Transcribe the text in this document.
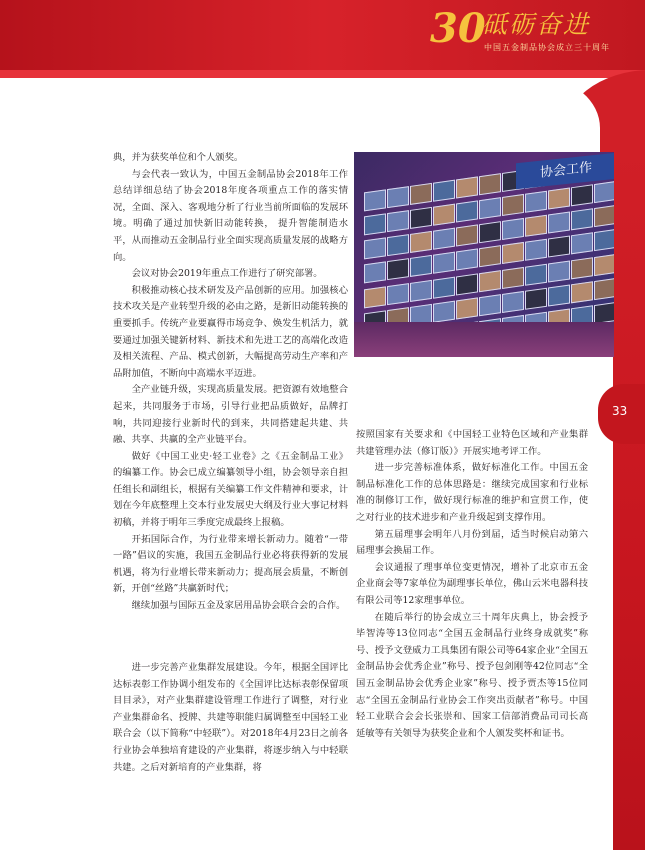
30
砥砺奋进
中国五金制品协会成立三十周年
33
协会工作

典，并为获奖单位和个人颁奖。

与会代表一致认为，中国五金制品协会2018年工作总结详细总结了协会2018年度各项重点工作的落实情况，全面、深入、客观地分析了行业当前所面临的发展环境。明确了通过加快新旧动能转换， 提升智能制造水平，从而推动五金制品行业全面实现高质量发展的战略方向。

会议对协会2019年重点工作进行了研究部署。

积极推动核心技术研发及产品创新的应用。加强核心技术攻关是产业转型升级的必由之路，是新旧动能转换的重要抓手。传统产业要赢得市场竞争、焕发生机活力，就要通过加强关键新材料、新技术和先进工艺的高端化改造及相关流程、产品、模式创新，大幅提高劳动生产率和产品附加值，不断向中高端水平迈进。

全产业链升级，实现高质量发展。把资源有效地整合起来，共同服务于市场，引导行业把品质做好，品牌打响，共同迎接行业新时代的到来，共同搭建起共建、共融、共享、共赢的全产业链平台。

做好《中国工业史·轻工业卷》之《五金制品工业》的编纂工作。协会已成立编纂领导小组，协会领导亲自担任组长和副组长，根据有关编纂工作文件精神和要求，计划在今年底整理上交本行业发展史大纲及行业大事记材料初稿，并将于明年三季度完成最终上报稿。

开拓国际合作，为行业带来增长新动力。随着“一带一路”倡议的实施，我国五金制品行业必将获得新的发展机遇，将为行业增长带来新动力；提高展会质量，不断创新，开创“丝路”共赢新时代；

继续加强与国际五金及家居用品协会联合会的合作。

进一步完善产业集群发展建设。今年，根据全国评比达标表彰工作协调小组发布的《全国评比达标表彰保留项目目录》，对产业集群建设管理工作进行了调整，对行业产业集群命名、授牌、共建等职能归属调整至中国轻工业联合会（以下简称“中轻联”）。对2018年4月23日之前各行业协会单独培育建设的产业集群，将逐步纳入与中轻联共建。之后对新培育的产业集群，将

按照国家有关要求和《中国轻工业特色区域和产业集群共建管理办法（修订版）》开展实地考评工作。

进一步完善标准体系，做好标准化工作。中国五金制品标准化工作的总体思路是：继续完成国家和行业标准的制修订工作，做好现行标准的维护和宣贯工作，使之对行业的技术进步和产业升级起到支撑作用。

第五届理事会明年八月份到届，适当时候启动第六届理事会换届工作。

会议通报了理事单位变更情况，增补了北京市五金企业商会等7家单位为副理事长单位，佛山云米电器科技有限公司等12家理事单位。

在随后举行的协会成立三十周年庆典上，协会授予毕智涛等13位同志“全国五金制品行业终身成就奖”称号、授予文登威力工具集团有限公司等64家企业“全国五金制品协会优秀企业”称号、授予包剑刚等42位同志“全国五金制品协会优秀企业家”称号、授予贾杰等15位同志“全国五金制品行业协会工作突出贡献者”称号。中国轻工业联合会会长张崇和、国家工信部消费品司司长高延敏等有关领导为获奖企业和个人颁发奖杯和证书。
